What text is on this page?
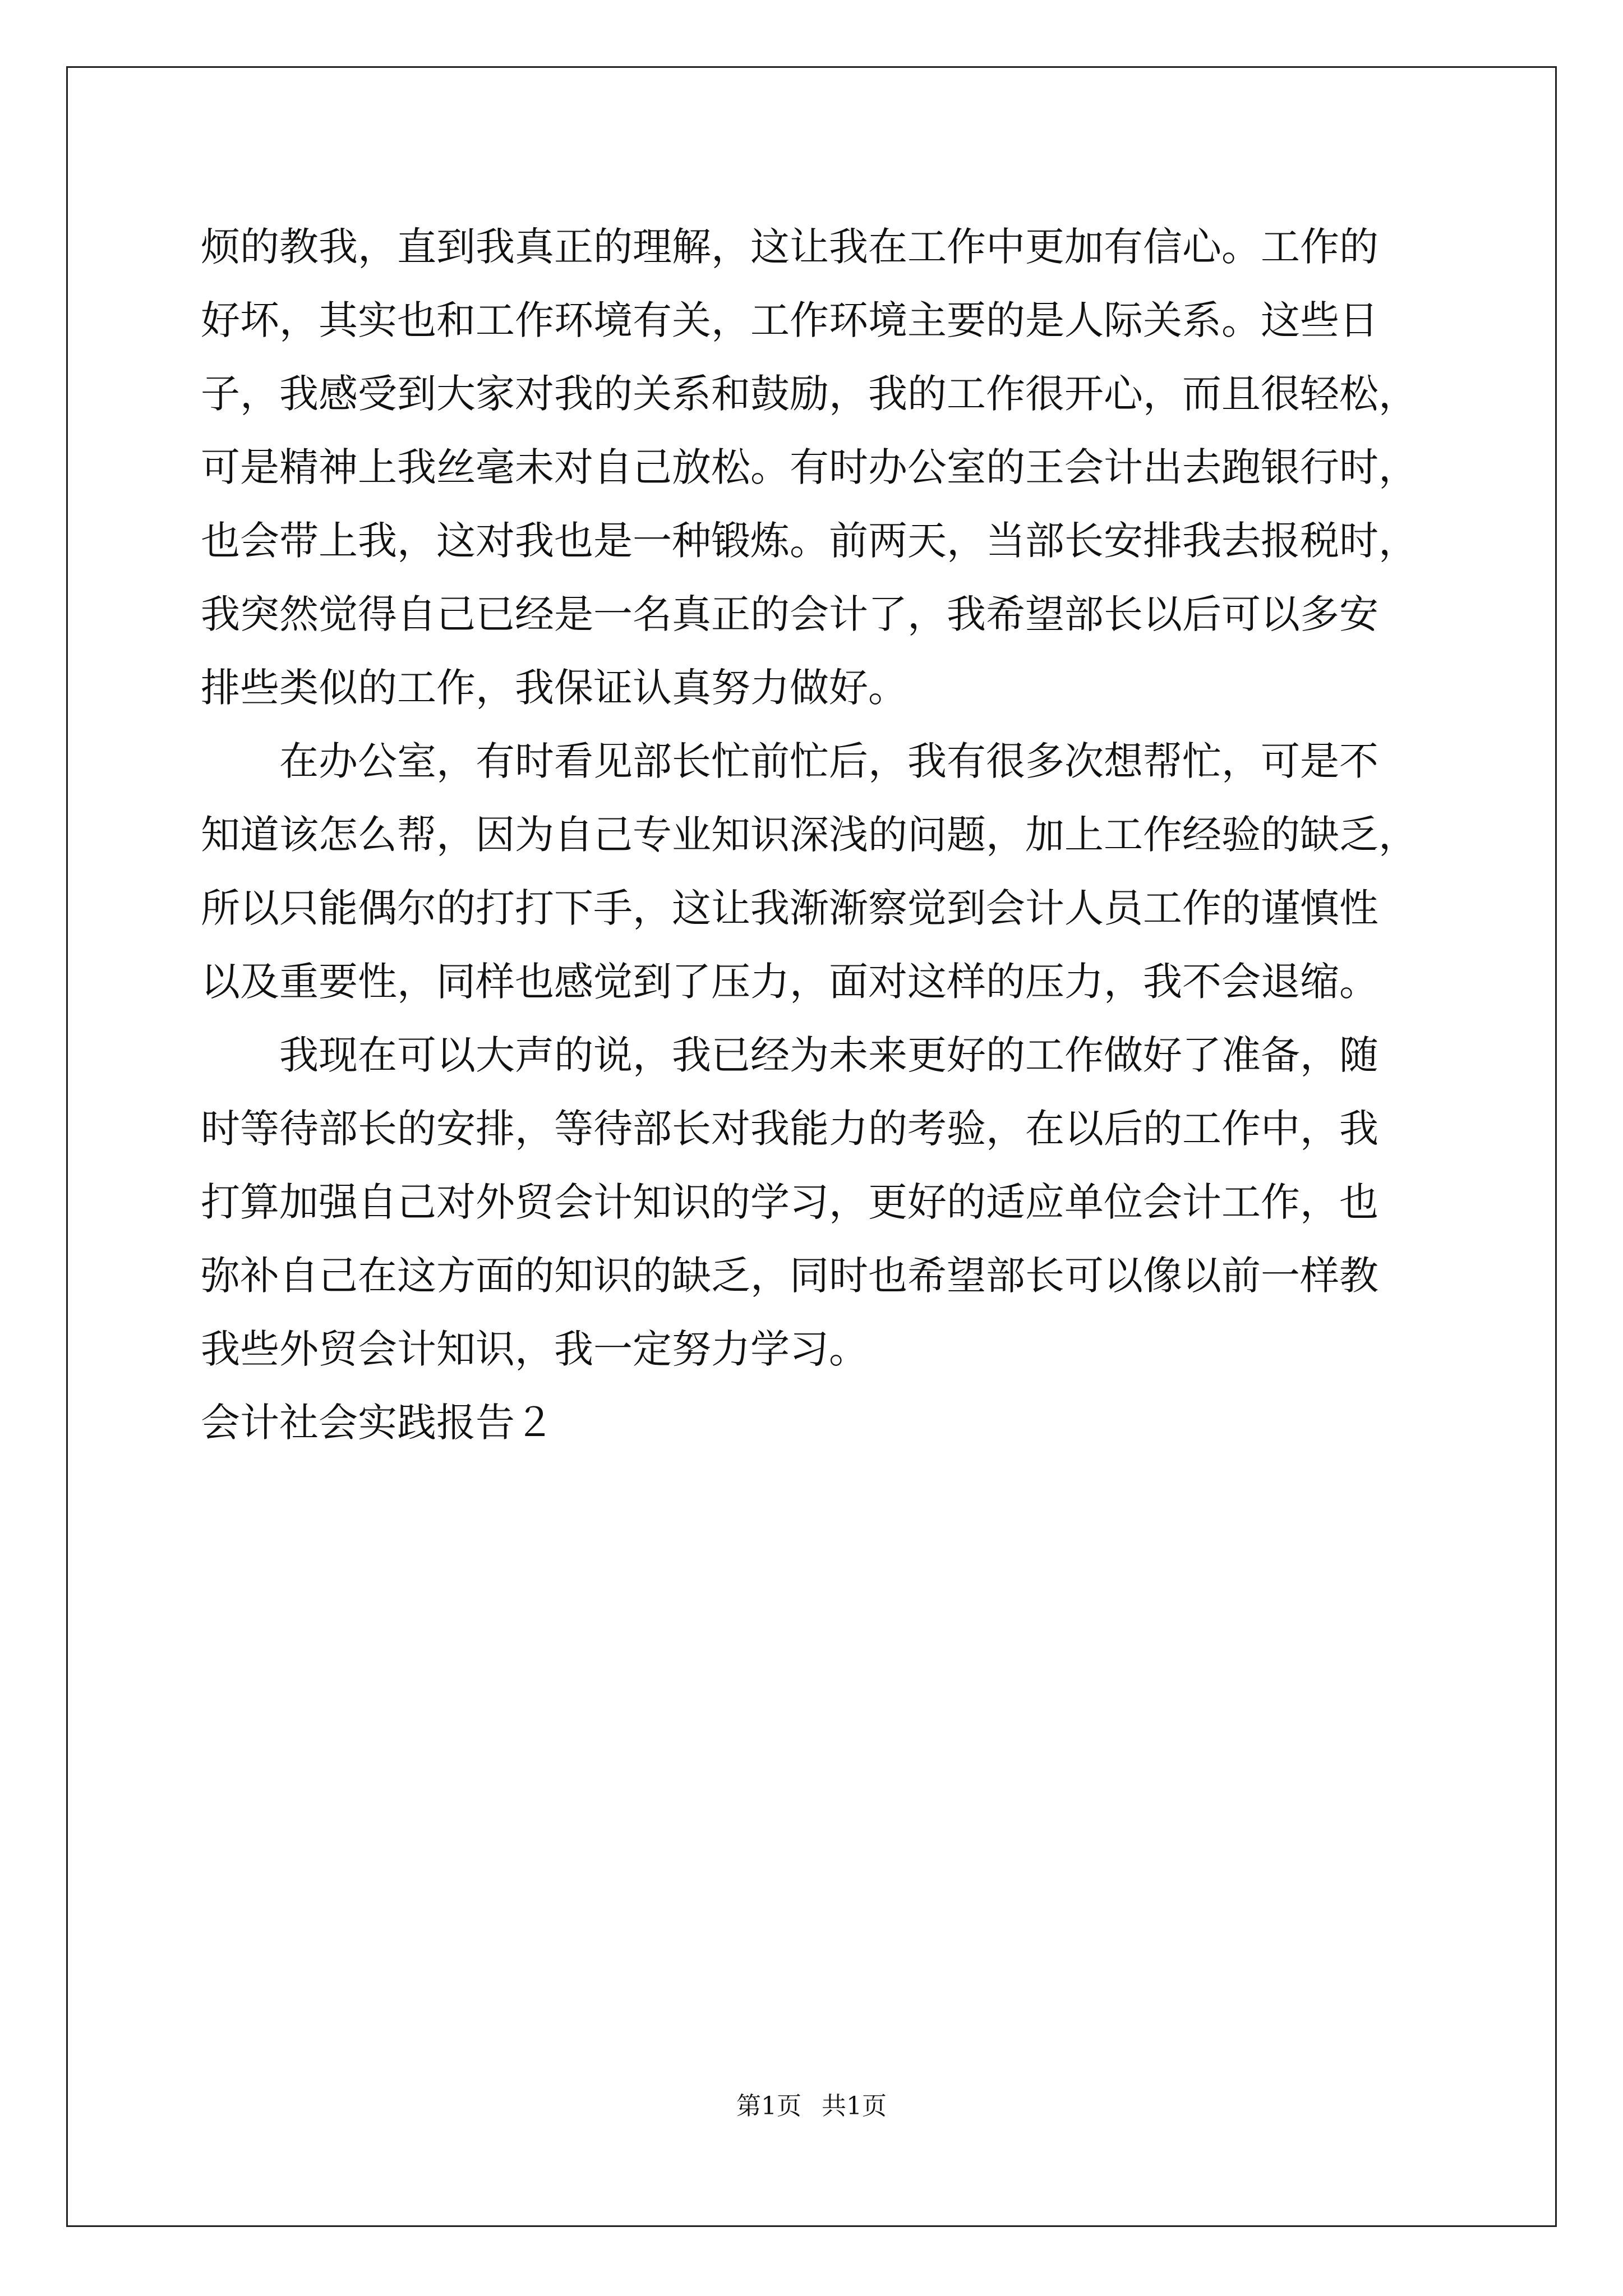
烦的教我，直到我真正的理解，这让我在工作中更加有信心。工作的
好坏，其实也和工作环境有关，工作环境主要的是人际关系。这些日
子，我感受到大家对我的关系和鼓励，我的工作很开心，而且很轻松，
可是精神上我丝毫未对自己放松。有时办公室的王会计出去跑银行时，
也会带上我，这对我也是一种锻炼。前两天，当部长安排我去报税时，
我突然觉得自己已经是一名真正的会计了，我希望部长以后可以多安
排些类似的工作，我保证认真努力做好。
在办公室，有时看见部长忙前忙后，我有很多次想帮忙，可是不
知道该怎么帮，因为自己专业知识深浅的问题，加上工作经验的缺乏，
所以只能偶尔的打打下手，这让我渐渐察觉到会计人员工作的谨慎性
以及重要性，同样也感觉到了压力，面对这样的压力，我不会退缩。
我现在可以大声的说，我已经为未来更好的工作做好了准备，随
时等待部长的安排，等待部长对我能力的考验，在以后的工作中，我
打算加强自己对外贸会计知识的学习，更好的适应单位会计工作，也
弥补自己在这方面的知识的缺乏，同时也希望部长可以像以前一样教
我些外贸会计知识，我一定努力学习。
会计社会实践报告２
第1页 共1页
